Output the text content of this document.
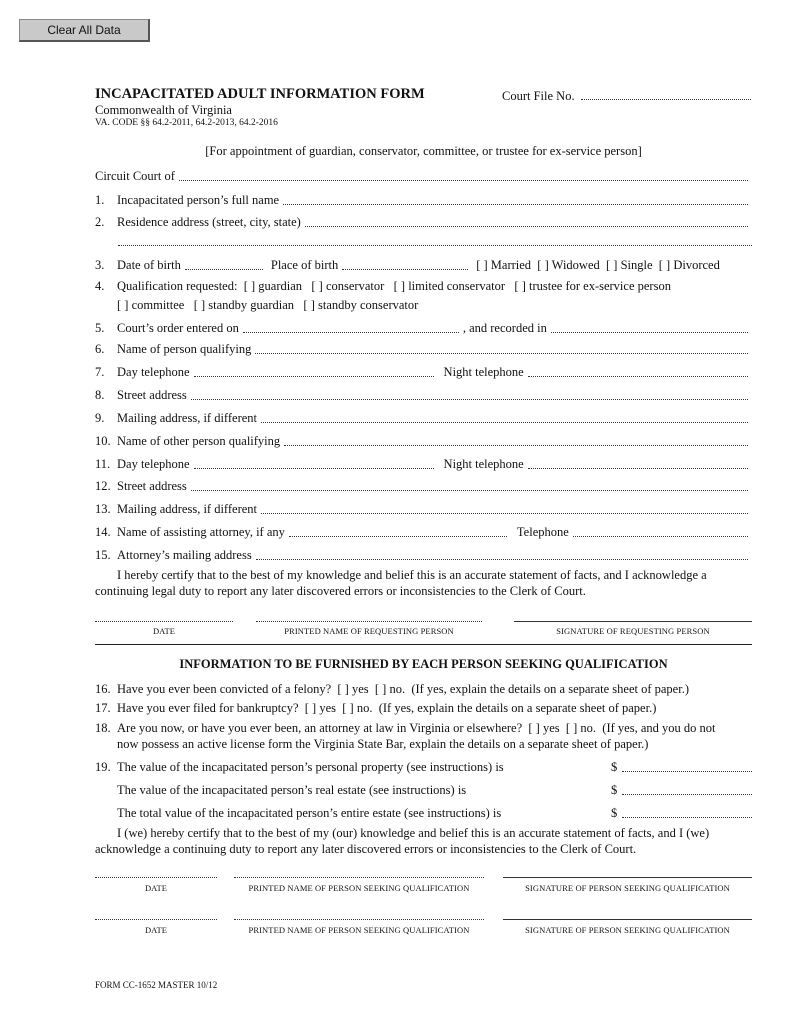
Clear All Data
INCAPACITATED ADULT INFORMATION FORM	Court File No.
Commonwealth of Virginia
VA. CODE §§ 64.2-2011, 64.2-2013, 64.2-2016
[For appointment of guardian, conservator, committee, or trustee for ex-service person]
Circuit Court of
1.	Incapacitated person’s full name
2.	Residence address (street, city, state)
3.	Date of birth	Place of birth	[ ] Married  [ ] Widowed  [ ] Single  [ ] Divorced
4.	Qualification requested:  [ ] guardian   [ ] conservator   [ ] limited conservator   [ ] trustee for ex-service person
[ ] committee   [ ] standby guardian   [ ] standby conservator
5.	Court’s order entered on	, and recorded in
6.	Name of person qualifying
7.	Day telephone	Night telephone
8.	Street address
9.	Mailing address, if different
10. Name of other person qualifying
11. Day telephone	Night telephone
12. Street address
13. Mailing address, if different
14. Name of assisting attorney, if any	Telephone
15. Attorney’s mailing address
I hereby certify that to the best of my knowledge and belief this is an accurate statement of facts, and I acknowledge a
continuing legal duty to report any later discovered errors or inconsistencies to the Clerk of Court.
DATE	PRINTED NAME OF REQUESTING PERSON	SIGNATURE OF REQUESTING PERSON
INFORMATION TO BE FURNISHED BY EACH PERSON SEEKING QUALIFICATION
16. Have you ever been convicted of a felony?  [ ] yes  [ ] no.  (If yes, explain the details on a separate sheet of paper.)
17. Have you ever filed for bankruptcy?  [ ] yes  [ ] no.  (If yes, explain the details on a separate sheet of paper.)
18. Are you now, or have you ever been, an attorney at law in Virginia or elsewhere?  [ ] yes  [ ] no.  (If yes, and you do not
now possess an active license form the Virginia State Bar, explain the details on a separate sheet of paper.)
19. The value of the incapacitated person’s personal property (see instructions) is	$
The value of the incapacitated person’s real estate (see instructions) is	$
The total value of the incapacitated person’s entire estate (see instructions) is	$
I (we) hereby certify that to the best of my (our) knowledge and belief this is an accurate statement of facts, and I (we)
acknowledge a continuing duty to report any later discovered errors or inconsistencies to the Clerk of Court.
DATE	PRINTED NAME OF PERSON SEEKING QUALIFICATION	SIGNATURE OF PERSON SEEKING QUALIFICATION
DATE	PRINTED NAME OF PERSON SEEKING QUALIFICATION	SIGNATURE OF PERSON SEEKING QUALIFICATION
FORM CC-1652 MASTER 10/12
